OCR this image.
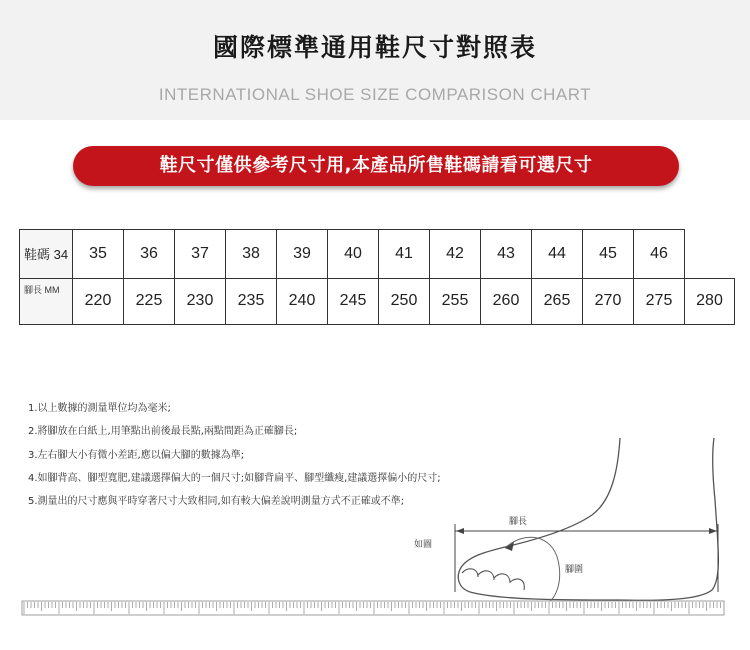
國際標準通用鞋尺寸對照表
INTERNATIONAL SHOE SIZE COMPARISON CHART
鞋尺寸僅供參考尺寸用,本產品所售鞋碼請看可選尺寸
鞋碼 34	35	36	37	38	39	40	41	42	43	44	45	46	
腳長 MM	220	225	230	235	240	245	250	255	260	265	270	275	280
1.以上數據的測量單位均為毫米;
2.將腳放在白紙上,用筆點出前後最長點,兩點間距為正確腳長;
3.左右腳大小有微小差距,應以偏大腳的數據為準;
4.如腳背高、腳型寬肥,建議選擇偏大的一個尺寸;如腳背扁平、腳型纖瘦,建議選擇偏小的尺寸;
5.測量出的尺寸應與平時穿著尺寸大致相同,如有較大偏差說明測量方式不正確或不準;
腳長
如圖
腳圍
